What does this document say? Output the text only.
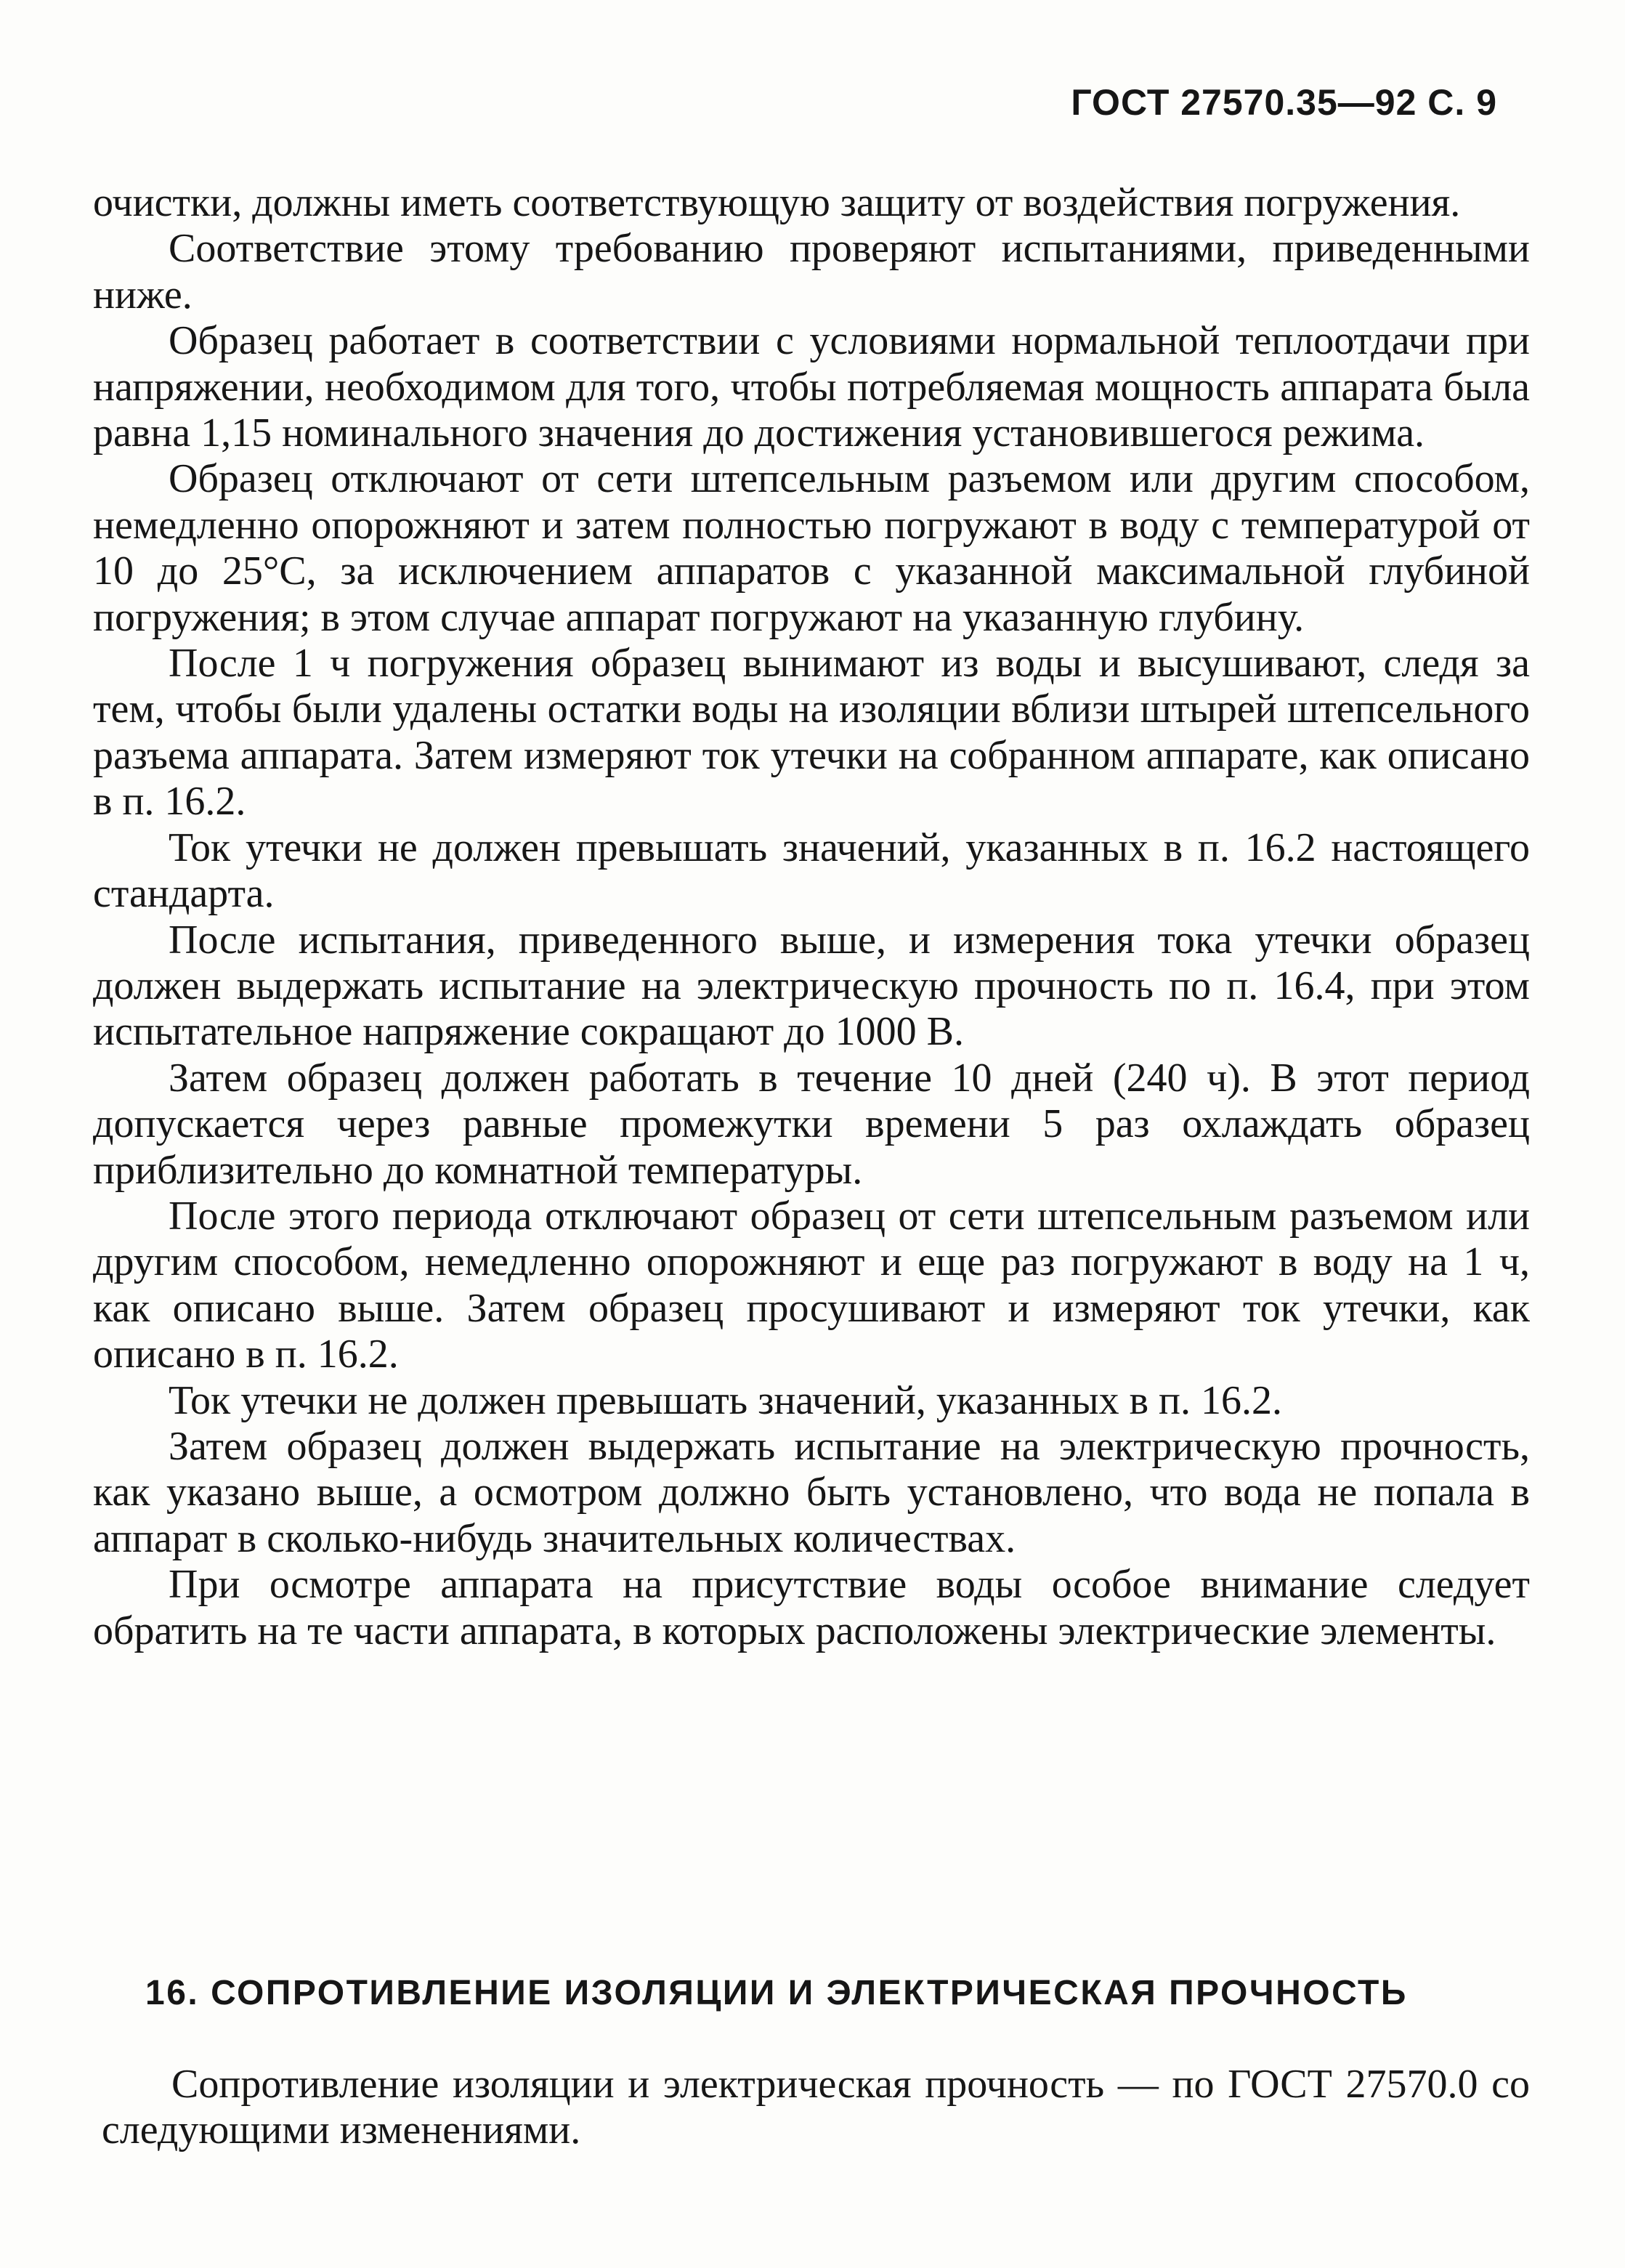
ГОСТ 27570.35—92 С. 9

очистки, должны иметь соответствующую защиту от воздействия погружения.

Соответствие этому требованию проверяют испытаниями, приведенными ниже.

Образец работает в соответствии с условиями нормальной теплоотдачи при напряжении, необходимом для того, чтобы потребляемая мощность аппарата была равна 1,15 номинального значения до достижения установившегося режима.

Образец отключают от сети штепсельным разъемом или другим способом, немедленно опорожняют и затем полностью погружают в воду с температурой от 10 до 25°С, за исключением аппаратов с указанной максимальной глубиной погружения; в этом случае аппарат погружают на указанную глубину.

После 1 ч погружения образец вынимают из воды и высушивают, следя за тем, чтобы были удалены остатки воды на изоляции вблизи штырей штепсельного разъема аппарата. Затем измеряют ток утечки на собранном аппарате, как описано в п. 16.2.

Ток утечки не должен превышать значений, указанных в п. 16.2 настоящего стандарта.

После испытания, приведенного выше, и измерения тока утечки образец должен выдержать испытание на электрическую прочность по п. 16.4, при этом испытательное напряжение сокращают до 1000 В.

Затем образец должен работать в течение 10 дней (240 ч). В этот период допускается через равные промежутки времени 5 раз охлаждать образец приблизительно до комнатной температуры.

После этого периода отключают образец от сети штепсельным разъемом или другим способом, немедленно опорожняют и еще раз погружают в воду на 1 ч, как описано выше. Затем образец просушивают и измеряют ток утечки, как описано в п. 16.2.

Ток утечки не должен превышать значений, указанных в п. 16.2.

Затем образец должен выдержать испытание на электрическую прочность, как указано выше, а осмотром должно быть установлено, что вода не попала в аппарат в сколько-нибудь значительных количествах.

При осмотре аппарата на присутствие воды особое внимание следует обратить на те части аппарата, в которых расположены электрические элементы.

16. СОПРОТИВЛЕНИЕ ИЗОЛЯЦИИ И ЭЛЕКТРИЧЕСКАЯ ПРОЧНОСТЬ

Сопротивление изоляции и электрическая прочность — по ГОСТ 27570.0 со следующими изменениями.
